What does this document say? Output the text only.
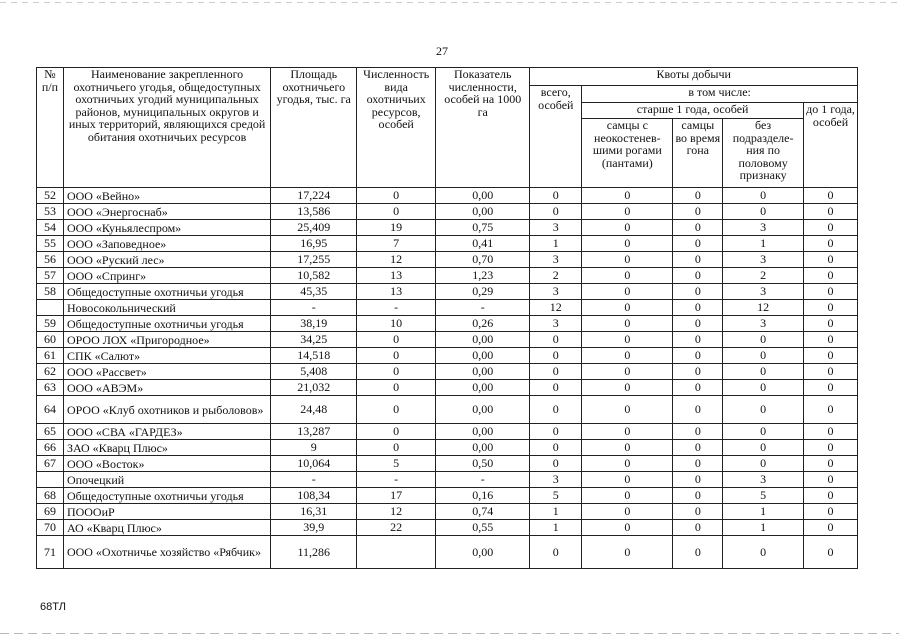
27
№ п/п	Наименование закрепленного охотничьего угодья, общедоступных охотничьих угодий муниципальных районов, муниципальных округов и иных территорий, являющихся средой обитания охотничьих ресурсов	Площадь охотничьего угодья, тыс. га	Численность вида охотничьих ресурсов, особей	Показатель численности, особей на 1000 га	Квоты добычи				
					всего, особей	в том числе:			
						старше 1 года, особей			до 1 года, особей
						самцы с неокостенев-шими рогами (пантами)	самцы во время гона	без подразделе-ния по половому признаку	
52	ООО «Вейно»	17,224	0	0,00	0	0	0	0	0
53	ООО «Энергоснаб»	13,586	0	0,00	0	0	0	0	0
54	ООО «Куньялеспром»	25,409	19	0,75	3	0	0	3	0
55	ООО «Заповедное»	16,95	7	0,41	1	0	0	1	0
56	ООО «Руский лес»	17,255	12	0,70	3	0	0	3	0
57	ООО «Спринг»	10,582	13	1,23	2	0	0	2	0
58	Общедоступные охотничьи угодья	45,35	13	0,29	3	0	0	3	0
	Новосокольнический	-	-	-	12	0	0	12	0
59	Общедоступные охотничьи угодья	38,19	10	0,26	3	0	0	3	0
60	ОРОО ЛОХ «Пригородное»	34,25	0	0,00	0	0	0	0	0
61	СПК «Салют»	14,518	0	0,00	0	0	0	0	0
62	ООО «Рассвет»	5,408	0	0,00	0	0	0	0	0
63	ООО «АВЭМ»	21,032	0	0,00	0	0	0	0	0
64	ОРОО «Клуб охотников и рыболовов»	24,48	0	0,00	0	0	0	0	0
65	ООО «СВА «ГАРДЕЗ»	13,287	0	0,00	0	0	0	0	0
66	ЗАО «Кварц Плюс»	9	0	0,00	0	0	0	0	0
67	ООО «Восток»	10,064	5	0,50	0	0	0	0	0
	Опочецкий	-	-	-	3	0	0	3	0
68	Общедоступные охотничьи угодья	108,34	17	0,16	5	0	0	5	0
69	ПОООиР	16,31	12	0,74	1	0	0	1	0
70	АО «Кварц Плюс»	39,9	22	0,55	1	0	0	1	0
71	ООО «Охотничье хозяйство «Рябчик»	11,286		0,00	0	0	0	0	0
68ТЛ
